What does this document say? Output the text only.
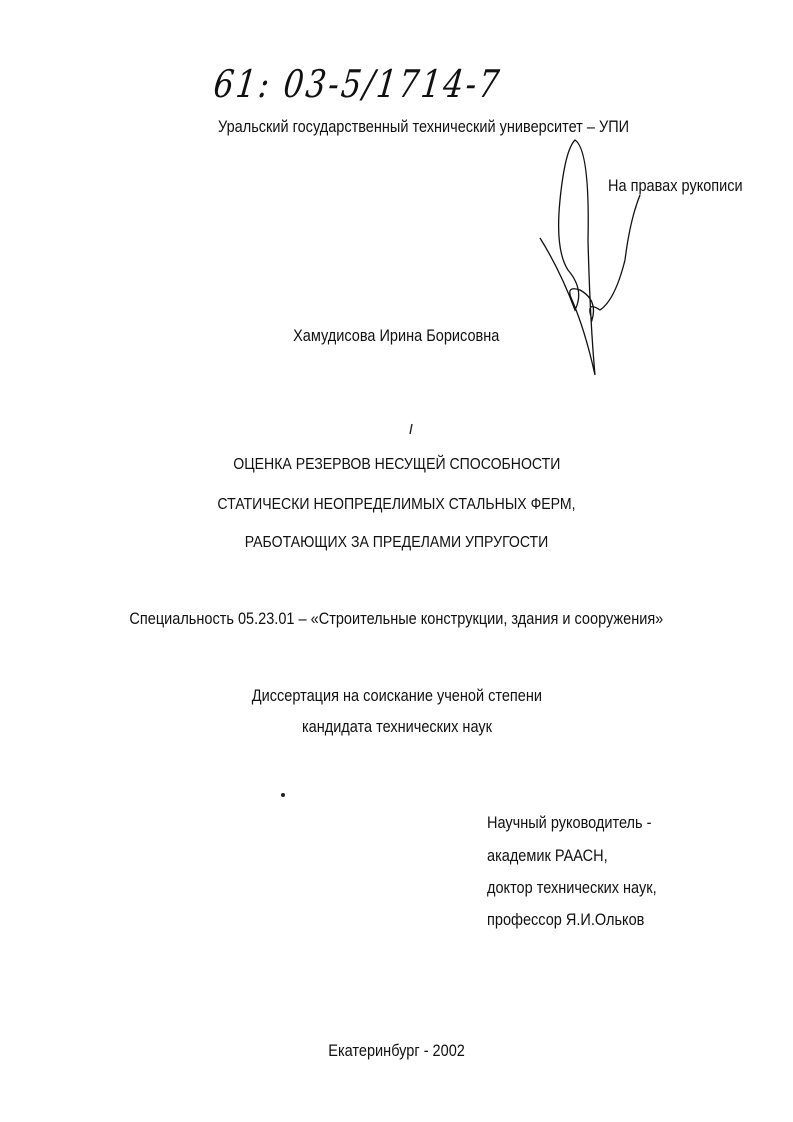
61: 03-5/1714-7
Уральский государственный технический университет – УПИ
На правах рукописи
Хамудисова Ирина Борисовна
ОЦЕНКА РЕЗЕРВОВ НЕСУЩЕЙ СПОСОБНОСТИ
СТАТИЧЕСКИ НЕОПРЕДЕЛИМЫХ СТАЛЬНЫХ ФЕРМ,
РАБОТАЮЩИХ ЗА ПРЕДЕЛАМИ УПРУГОСТИ
Специальность 05.23.01 – «Строительные конструкции, здания и сооружения»
Диссертация на соискание ученой степени
кандидата технических наук
Научный руководитель -
академик РААСН,
доктор технических наук,
профессор Я.И.Ольков
Екатеринбург - 2002
